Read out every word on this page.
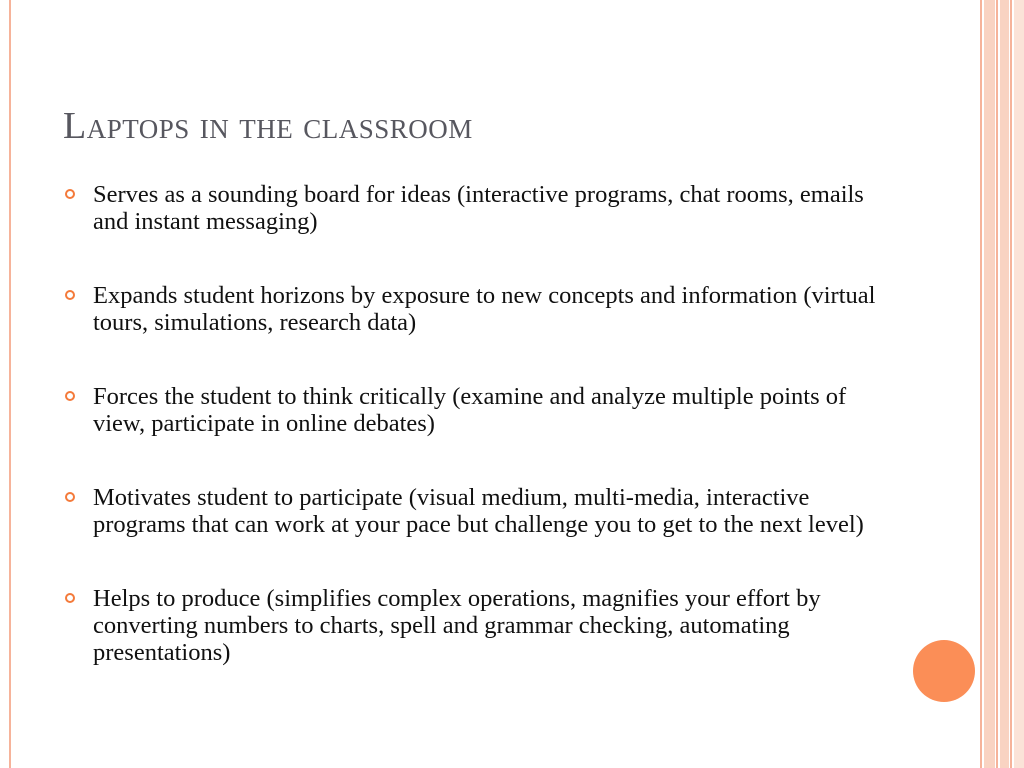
Laptops in the classroom
Serves as a sounding board for ideas (interactive programs, chat rooms, emails and instant messaging)
Expands student horizons by exposure to new concepts and information (virtual tours, simulations, research data)
Forces the student to think critically (examine and analyze multiple points of view, participate in online debates)
Motivates student to participate (visual medium, multi-media, interactive programs that can work at your pace but challenge you to get to the next level)
Helps to produce (simplifies complex operations, magnifies your effort by converting numbers to charts, spell and grammar checking, automating presentations)
